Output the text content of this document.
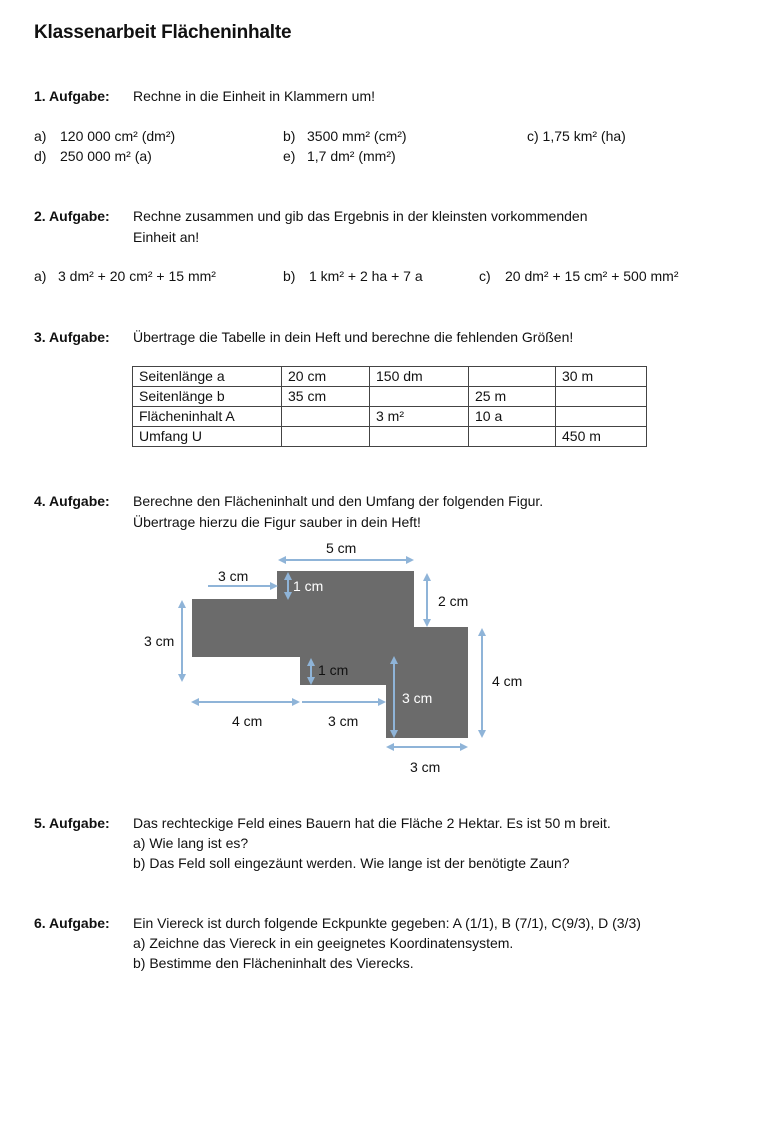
Klassenarbeit Flächeninhalte
1. Aufgabe: Rechne in die Einheit in Klammern um!
a) 120 000 cm² (dm²)	b) 3500 mm² (cm²)	c) 1,75 km² (ha)
d) 250 000 m² (a)	e) 1,7 dm² (mm²)
2. Aufgabe: Rechne zusammen und gib das Ergebnis in der kleinsten vorkommenden
Einheit an!
a) 3 dm² + 20 cm² + 15 mm²	b) 1 km² + 2 ha + 7 a	c) 20 dm² + 15 cm² + 500 mm²
3. Aufgabe: Übertrage die Tabelle in dein Heft und berechne die fehlenden Größen!
Seitenlänge a	20 cm	150 dm		30 m
Seitenlänge b	35 cm		25 m	
Flächeninhalt A		3 m²	10 a	
Umfang U				450 m
4. Aufgabe: Berechne den Flächeninhalt und den Umfang der folgenden Figur.
Übertrage hierzu die Figur sauber in dein Heft!
5 cm
3 cm
1 cm
2 cm
3 cm
1 cm
4 cm
3 cm
4 cm	3 cm
3 cm
5. Aufgabe: Das rechteckige Feld eines Bauern hat die Fläche 2 Hektar. Es ist 50 m breit.
a) Wie lang ist es?
b) Das Feld soll eingezäunt werden. Wie lange ist der benötigte Zaun?
6. Aufgabe: Ein Viereck ist durch folgende Eckpunkte gegeben: A (1/1), B (7/1), C(9/3), D (3/3)
a) Zeichne das Viereck in ein geeignetes Koordinatensystem.
b) Bestimme den Flächeninhalt des Vierecks.
